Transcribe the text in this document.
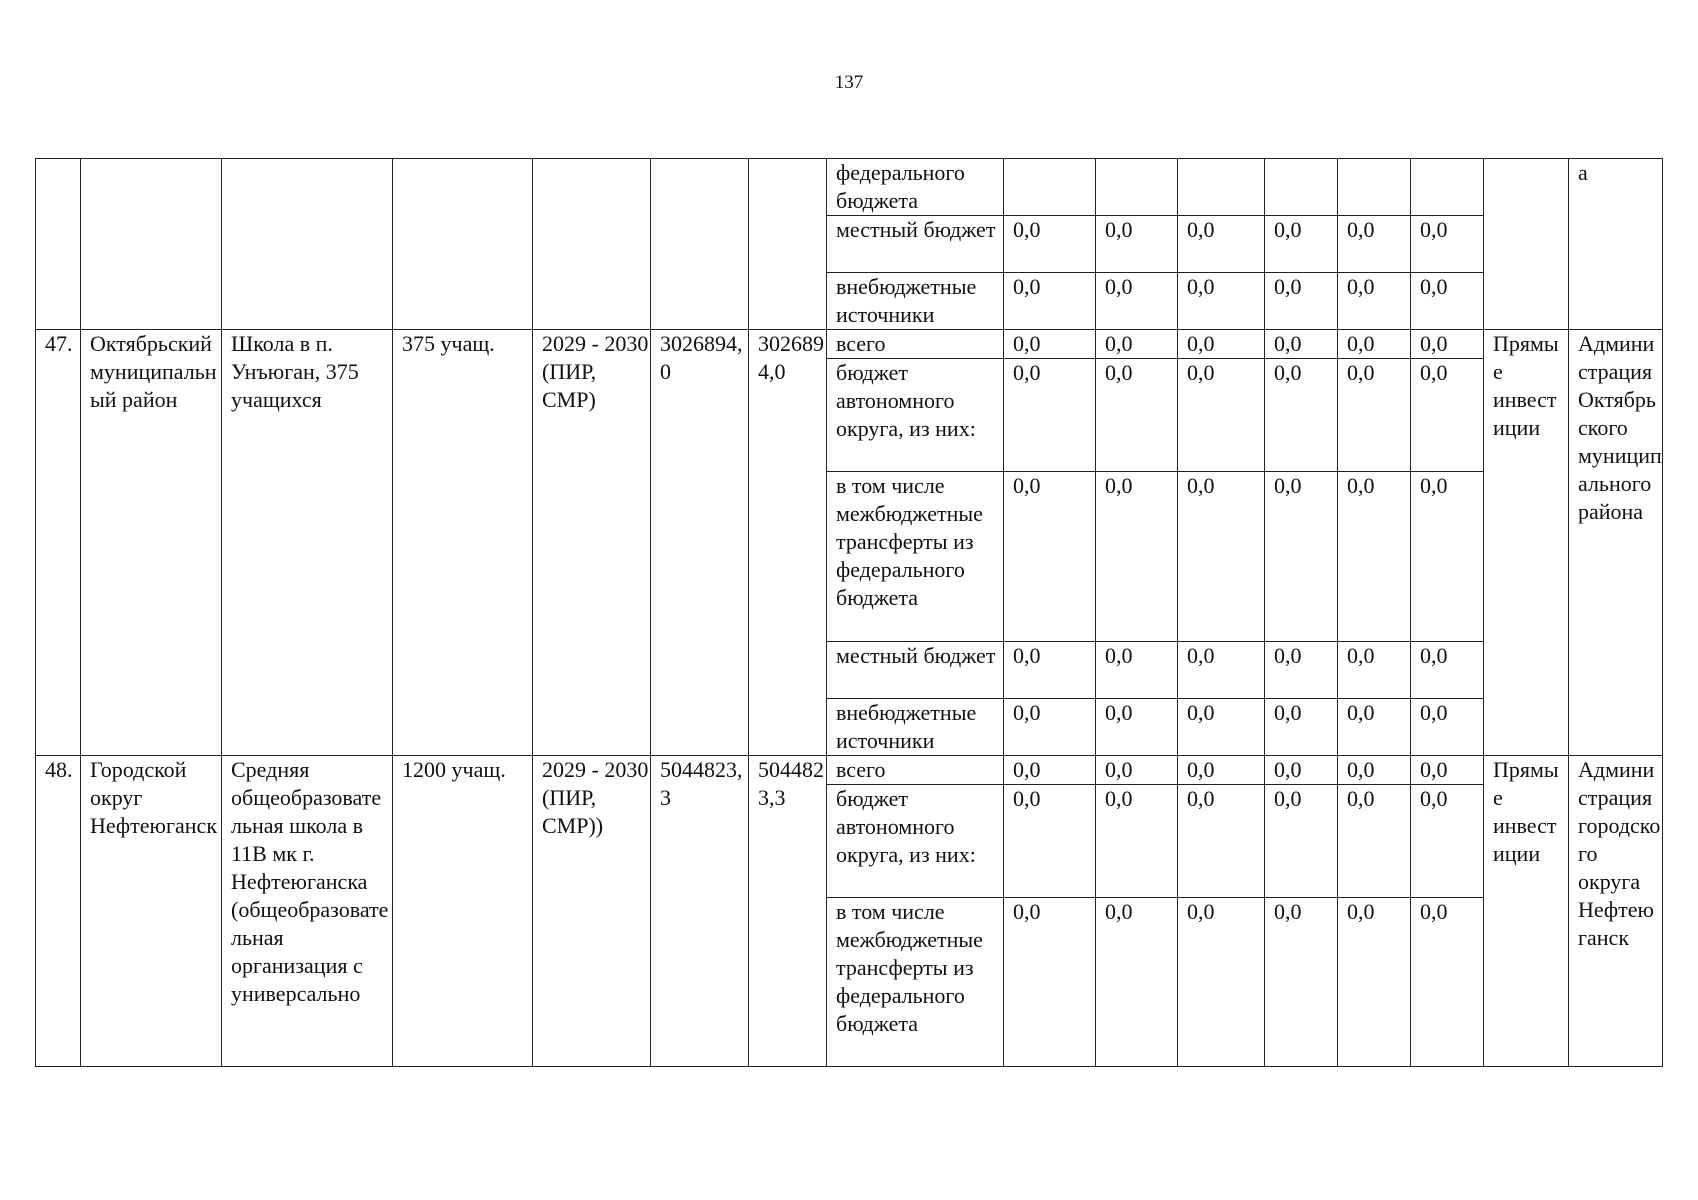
137
							федерального бюджета								а
							местный бюджет	0,0	0,0	0,0	0,0	0,0	0,0		
							внебюджетные источники	0,0	0,0	0,0	0,0	0,0	0,0		
47.	Октябрьский муниципальный район	Школа в п. Унъюган, 375 учащихся	375 учащ.	2029 - 2030 (ПИР, СМР)	3026894,0	3026894,0	всего	0,0	0,0	0,0	0,0	0,0	0,0	Прямые инвестиции	Администрация Октябрьского муниципального района
							бюджет автономного округа, из них:	0,0	0,0	0,0	0,0	0,0	0,0		
							в том числе межбюджетные трансферты из федерального бюджета	0,0	0,0	0,0	0,0	0,0	0,0		
							местный бюджет	0,0	0,0	0,0	0,0	0,0	0,0		
							внебюджетные источники	0,0	0,0	0,0	0,0	0,0	0,0		
48.	Городской округ Нефтеюганск	Средняя общеобразовательная школа в 11В мк г. Нефтеюганска (общеобразовательная организация с универсально	1200 учащ.	2029 - 2030 (ПИР, СМР))	5044823,3	5044823,3	всего	0,0	0,0	0,0	0,0	0,0	0,0	Прямые инвестиции	Администрация городского округа Нефтеюганск
							бюджет автономного округа, из них:	0,0	0,0	0,0	0,0	0,0	0,0		
							в том числе межбюджетные трансферты из федерального бюджета	0,0	0,0	0,0	0,0	0,0	0,0		
